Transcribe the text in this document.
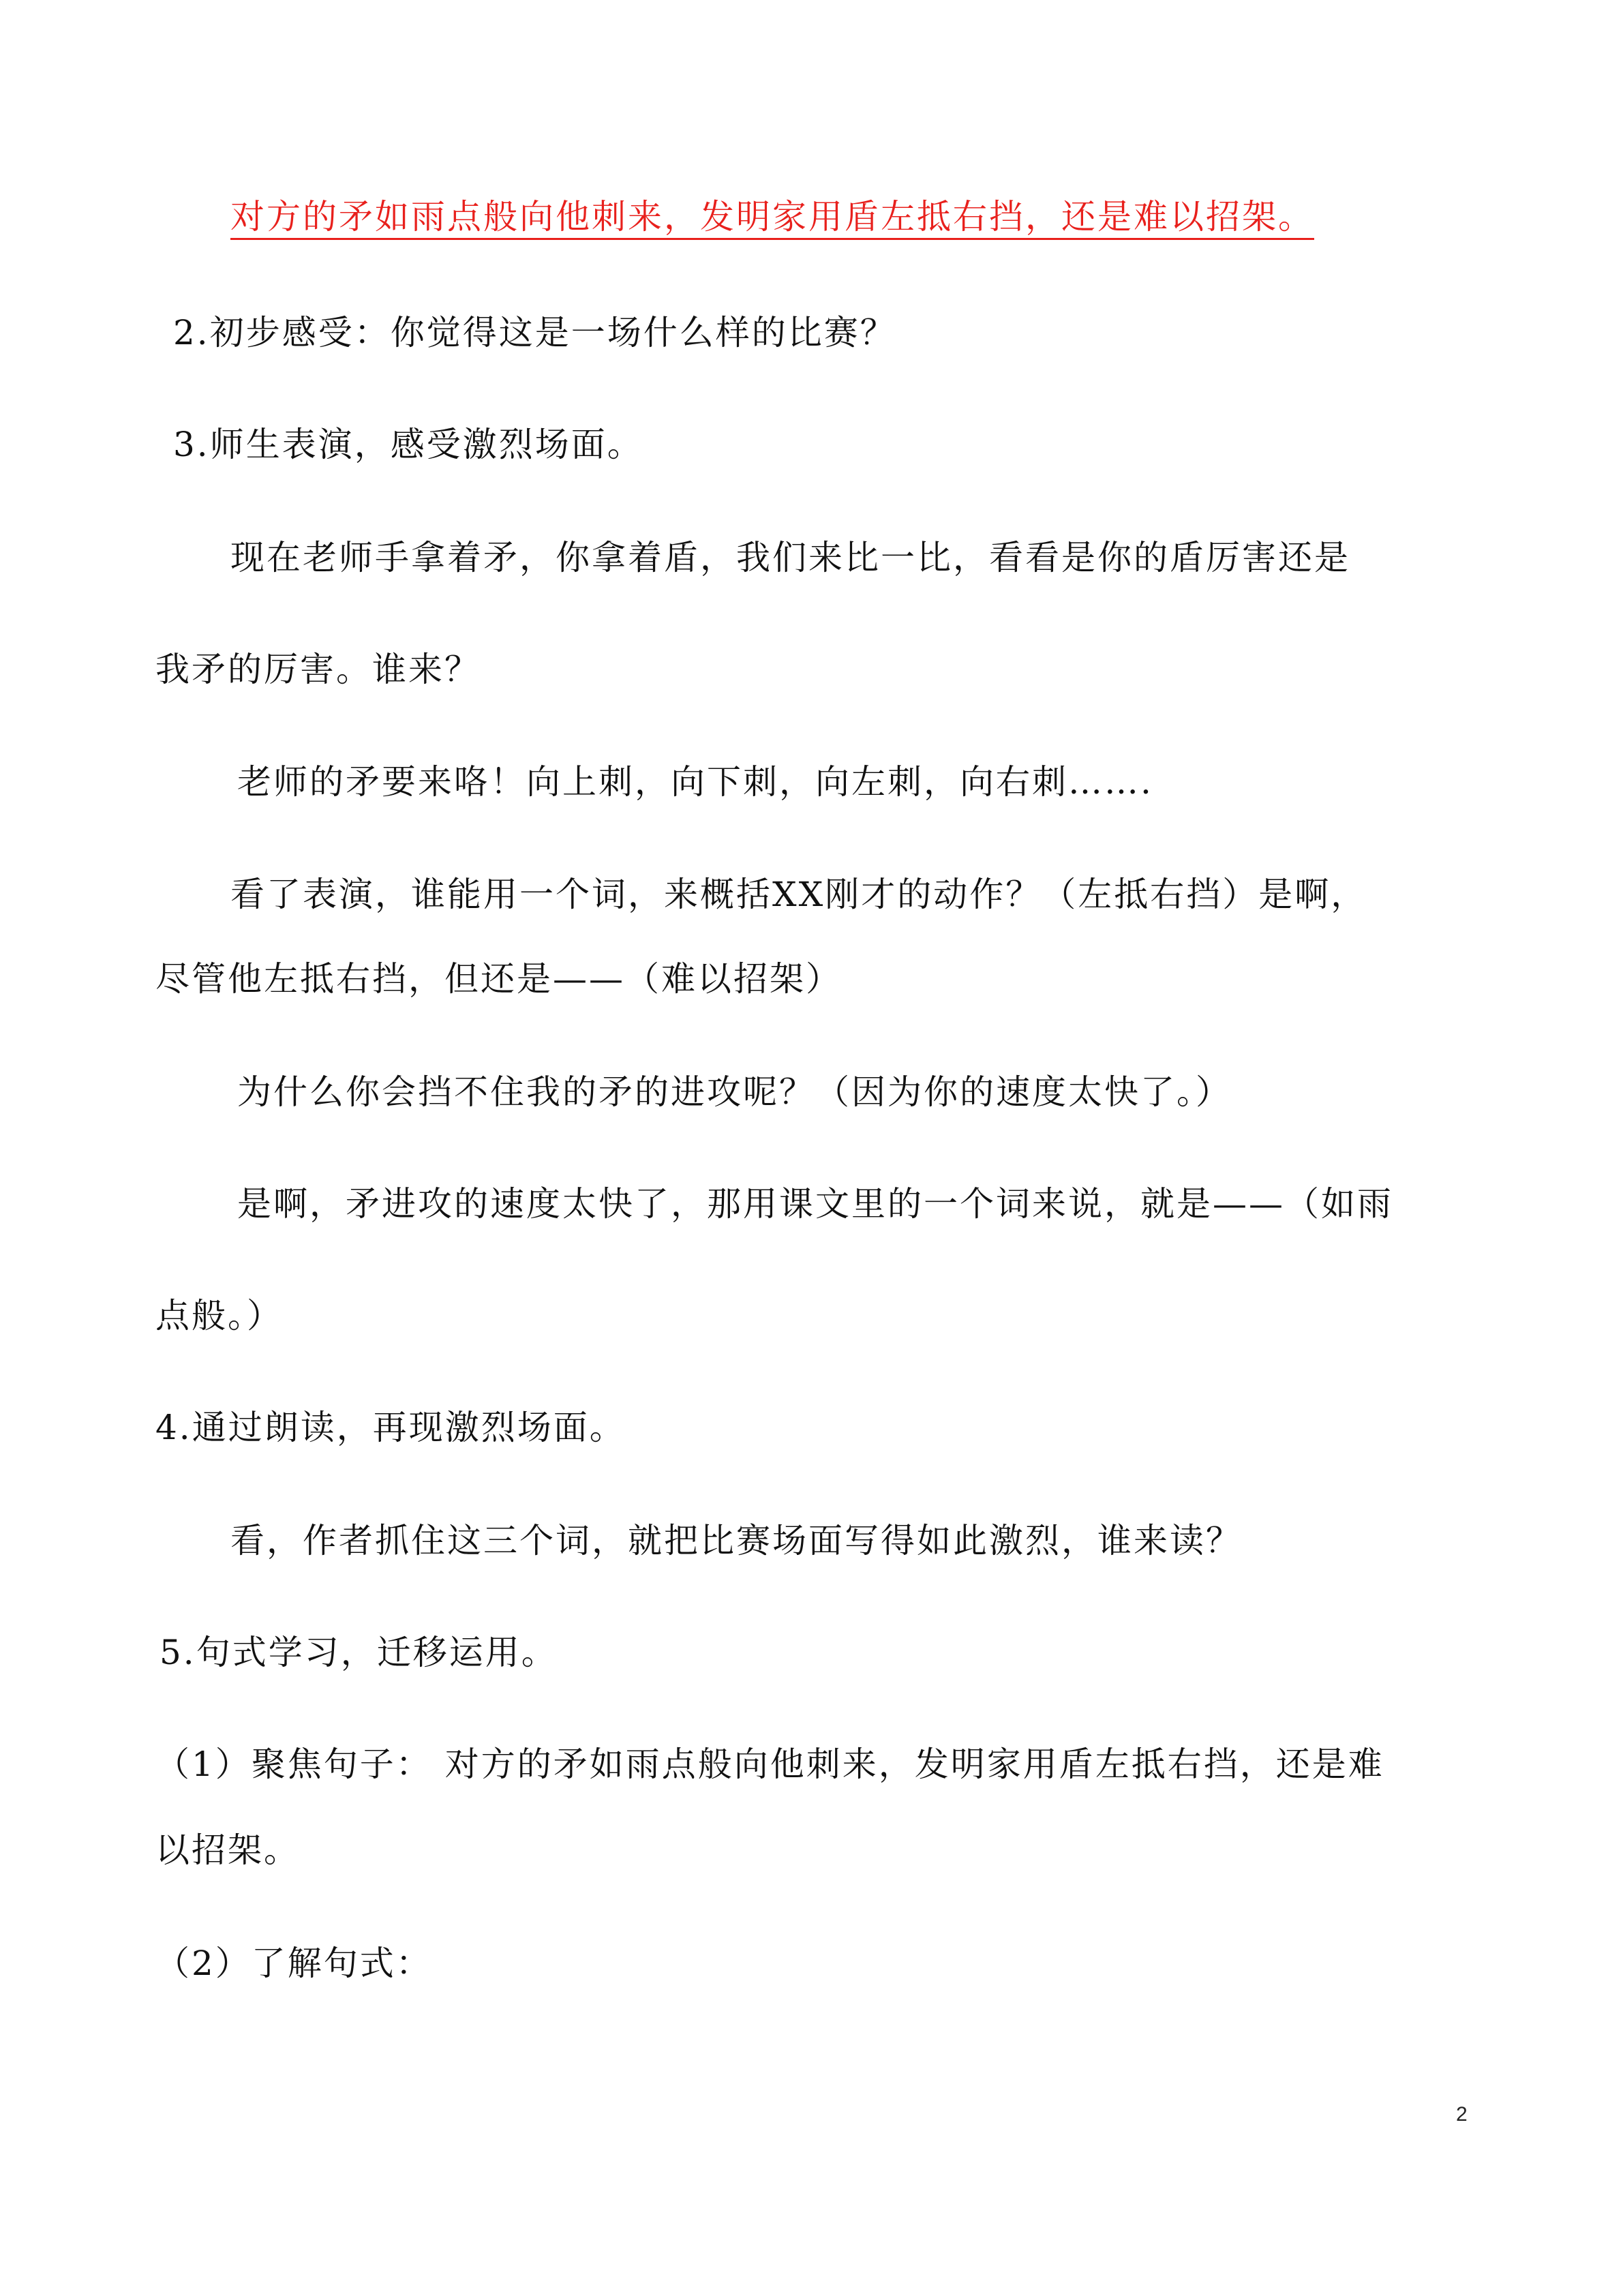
对方的矛如雨点般向他刺来，发明家用盾左抵右挡，还是难以招架。
2.初步感受：你觉得这是一场什么样的比赛？
3.师生表演，感受激烈场面。
现在老师手拿着矛，你拿着盾，我们来比一比，看看是你的盾厉害还是
我矛的厉害。谁来？
老师的矛要来咯！向上刺，向下刺，向左刺，向右刺…….
看了表演，谁能用一个词，来概括XX刚才的动作？（左抵右挡）是啊，
尽管他左抵右挡，但还是——（难以招架）
为什么你会挡不住我的矛的进攻呢？（因为你的速度太快了。）
是啊，矛进攻的速度太快了，那用课文里的一个词来说，就是——（如雨
点般。）
4.通过朗读，再现激烈场面。
看，作者抓住这三个词，就把比赛场面写得如此激烈，谁来读？
5.句式学习，迁移运用。
（1）聚焦句子： 对方的矛如雨点般向他刺来，发明家用盾左抵右挡，还是难
以招架。
（2）了解句式：
2
